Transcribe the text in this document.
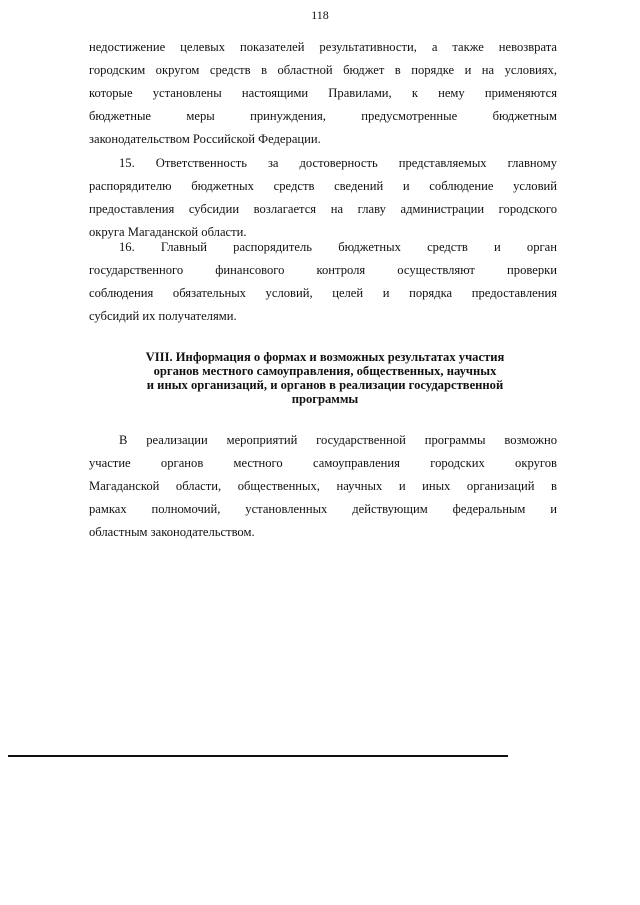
118
недостижение целевых показателей результативности, а также невозврата
городским округом средств в областной бюджет в порядке и на условиях,
которые установлены настоящими Правилами, к нему применяются
бюджетные меры принуждения, предусмотренные бюджетным
законодательством Российской Федерации.
15. Ответственность за достоверность представляемых главному
распорядителю бюджетных средств сведений и соблюдение условий
предоставления субсидии возлагается на главу администрации городского
округа Магаданской области.
16. Главный распорядитель бюджетных средств и орган
государственного финансового контроля осуществляют проверки
соблюдения обязательных условий, целей и порядка предоставления
субсидий их получателями.
VIII. Информация о формах и возможных результатах участия
органов местного самоуправления, общественных, научных
и иных организаций, и органов в реализации государственной
программы
В реализации мероприятий государственной программы возможно
участие органов местного самоуправления городских округов
Магаданской области, общественных, научных и иных организаций в
рамках полномочий, установленных действующим федеральным и
областным законодательством.
